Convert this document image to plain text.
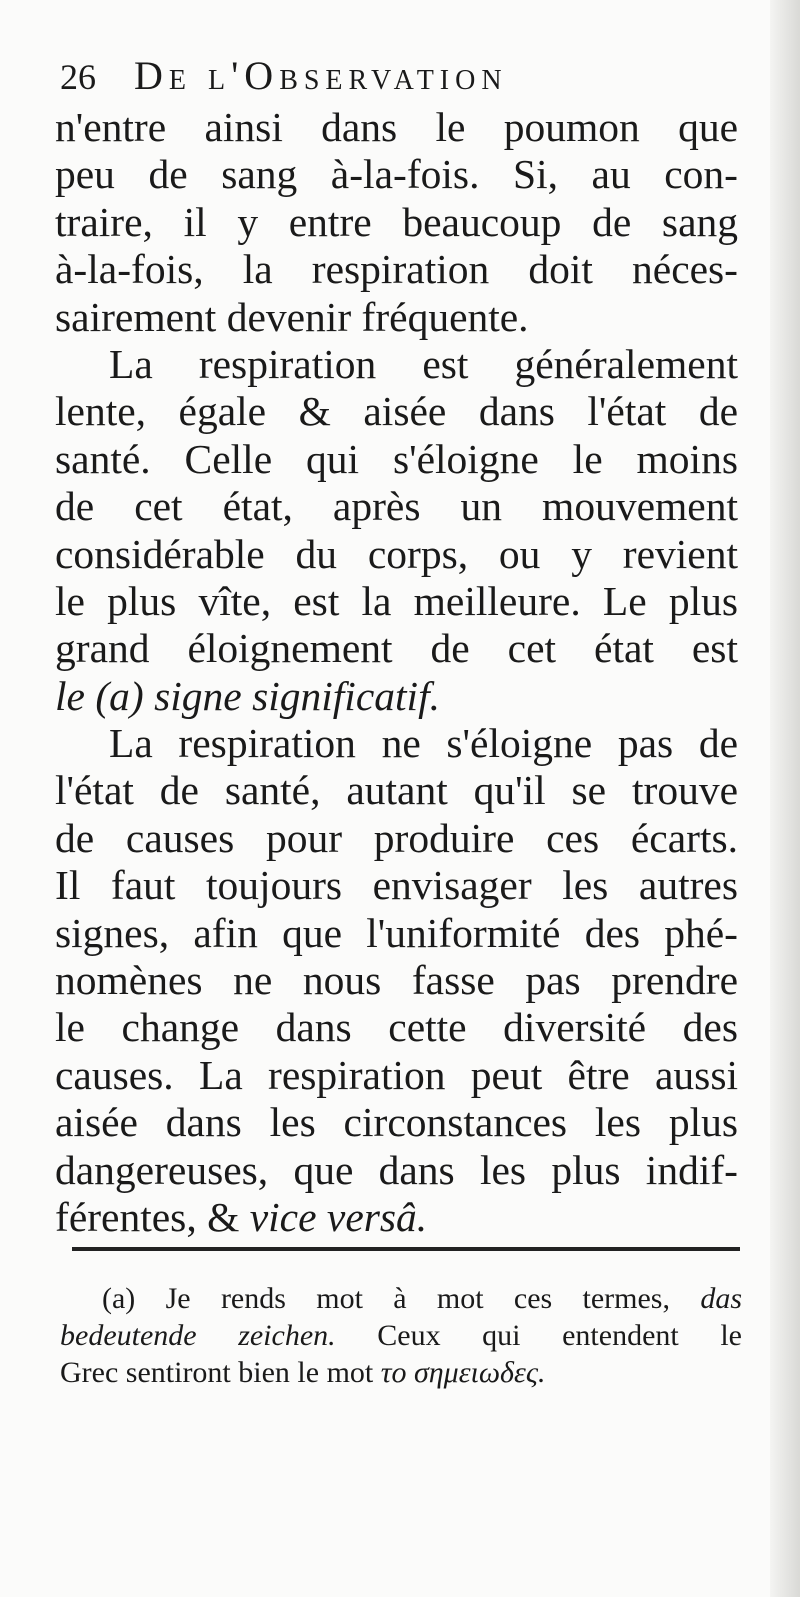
26 De l'Observation
n'entre ainsi dans le poumon que
peu de sang à-la-fois. Si, au con-
traire, il y entre beaucoup de sang
à-la-fois, la respiration doit néces-
sairement devenir fréquente.
La respiration est généralement
lente, égale & aisée dans l'état de
santé. Celle qui s'éloigne le moins
de cet état, après un mouvement
considérable du corps, ou y revient
le plus vîte, est la meilleure. Le plus
grand éloignement de cet état est
le (a) signe significatif.
La respiration ne s'éloigne pas de
l'état de santé, autant qu'il se trouve
de causes pour produire ces écarts.
Il faut toujours envisager les autres
signes, afin que l'uniformité des phé-
nomènes ne nous fasse pas prendre
le change dans cette diversité des
causes. La respiration peut être aussi
aisée dans les circonstances les plus
dangereuses, que dans les plus indif-
férentes, & vice versâ.
(a) Je rends mot à mot ces termes, das
bedeutende zeichen. Ceux qui entendent le
Grec sentiront bien le mot το σημειωδες.
